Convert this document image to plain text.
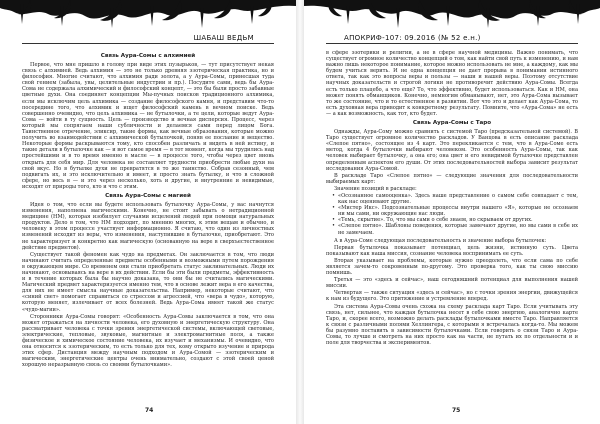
ШАБАШ ВЕДЬМ
Связь Аура-Сомы с алхимией

Первое, что мне пришло в голову при виде этих пузырьков, — тут присутствует некая связь с алхимией. Ведь алхимия — это не только древняя эзотерическая практика, но и философия. Многие считают, что алхимия ради золота, а у Аура-Сомы, принесшая туда свой гением (забыла, увы, целительные индустрии и пр.). Посудите сами, ведь бы Аура-Сома не содержала алхимический и философский концепт, — это бы были просто забавные цветные духи. Она соединяет концепции Мы-пучных поисков традиционного алхимика, если мы исключим цель алхимика — создание философского камня, и представим что-то посередине того, что алхимик и ищет философский камень в вечном поиске. Ведь совершенно очевидно, что цель алхимика — не бутылочки, а те цели, которые ведут Аура-Сома — войти в ту сущность. Цель — производство и вечная дисперсия. Процесс, через который мы сопрягаем наши субличности и делаемся сами перед лицом Бога. Таинственное отречение, эликсир, такие формы, как вечные образования, которые можно получить во взаимодействии с алхимической бутылочкой, поняв ее послание и вещество. Некоторые формы раскрываются тому, кто способен различать и видеть в ней истину, и такие детали в бутылочке как — и вот самое время — в тот момент, когда мы трудились над простейшими и в то время именно в масле — в процессе того, чтобы через цвет вновь открыть для себя мир. Для человека не составляет трудности приобрести любые духи на свой вкус. Но в бутылке духи не превратятся в то же таинство. Собрав сезонный, чем подвигать их, и это исключительно и имеет, и просто знать бутылку, и что в сложной сфере, но весь в — и это через несколько, хоть и другие, и внутренние и невидимые, исходят от природы того, кто и что с этим.

Связь Аура-Сомы с магией

Идея о том, что если вы будете использовать бутылочку Аура-Сомы, у вас начнутся изменения, наполнена магическими. Конечно, не стоит забывать о нетрадиционной медицине (НМ), которая изобилует случаями исцелений людей при помощи натуральных продуктов. Дело в том, что НМ подходит, по мнению многих, к этим вещам и обычно, и человеку в этом процессе участвует информационно. Я считаю, что один из личностных изменений исходит из веры, что изменения, наступившие в бутылочке, приобретают. Это не характеризует и конкретно как магическую (основанную на вере в сверхъестественное действие предметов).

Существует такой феномен как чудо на предметах. Он заключается в том, что люди начинают считать определенные предметы особенными и возможными путем порождения в окружающем мире. Со временем они стали приобретать статус заклинательных. Люди их начинают, основываясь на вере в их действии. Если бы эти были предметы, эффективность и в течение которых была бы научно доказана, то они бы не считались магическими. Магический предмет характеризуется именно тем, что в основе лежит вера в его качества, для них не имеет смысла научные доказательства. Например, некоторые считают, что «синий свет» помогает справиться со стрессом и агрессией, что «вера в чудо», которую, которую меняет, излечивает от всех болезней. Ведь Аура-Сома имеет такой же статус «чудо-магии».

Сторонники Аура-Сомы говорят: «Особенность Аура-Сомы заключается в том, что она может отражаться на личности человека, его духовную и энергетическую структуру. Она рассматривает человека с точки зрения энергетической системы, включающей световые, электрические, тепловые, звуковые, магнитные и электромагнитные поля, а также физическое и химическое состояние человека, их изучает и механизмы. И очевидно, что она относится к эзотерическим, то есть только для тех, кому открыто изучение и природа этих сфер. Дистанция между научным подходом и Аура-Сомой — эзотерическим и магическим, энергетические центры очень внимательно, создают с этой своей ценой хорошую неразрывную связь со своими бутылочками».

74
АПОКРИФ-107: 09.2016 (№ 52 e.н.)

в сфере эзотерики и религии, а не в сфере научной медицины. Важно понимать, что существует огромное количество концепций о том, как найти свой путь к изменению, и нам важно лишь некоторое понимание, которое можно использовать не мне, а каждому, как мы будем учиться верить. И не одна концепция не дает прорыва в понимании истинного ответа, так как это вопросы веры и пользы — наши и нашей веры. Поэтому отсутствие научных доказательств и строгой логики не противоречит действию Аура-Сомы. Всегда есть только плацебо, а что еще? То, что эффективно, будет использоваться. Как и НМ, она может понять обманщиков. Конечно, немногим обманывают, нет, это Аура-Сома вызывает то же состояние, что и то естественное в развитии. Вот что это и делает как Аура-Сома, то есть духовная вера приводит к конкретному результату. Помните, что «Аура-Сома» не есть — а как возможность, как тот, кто будет.

Связь Аура-Сомы с Таро

Однажды, Аура-Сому можно сравнить с системой Таро (предсказательной системой). В Таро существует огромное количество раскладов. У Ванцова в есть описание расклада «Слепое пятно», состоящее из 4 карт. Это перекликается с тем, что в Аура-Соме есть метод, когда 4 бутылочки выбирают человеком. Это особенность Аура-Сомы, так как человек выбирает бутылочку, а она его; она цвет и его невидимой бутылочке представлен определенным аспектом его души. От этих последовательностей выбора зависит результат исследования Аура-Сомой.

В раскладе Таро «Слепое пятно» — следующие значения для последовательности выбираемых карт:

Значение позиций в раскладе:

• «Осознанное самооценка». Здесь наше представление о самом себе совпадает с тем, как нас оценивают другие.
• «Мистер Икс». Подсознательные процессы внутри нашего «Я», которые не осознаем ни мы сами, ни окружающие нас люди.
• «Темь, скрытие». То, что мы сами о себе знаем, но скрываем от других.
• «Слепое пятно». Шаблоны поведения, которые замечают другие, но мы сами в себе их не замечаем.

А в Аура-Соме следующая последовательность и значение выбора бутылочек:

Первая бутылочка показывает потенциал, цель жизни, истинную суть. Цвета показывают как наша миссия, сознание человека воспринимать ее суть.

Вторая указывает на проблемы, которые нужно преодолеть, что если сама по себе является зачем-то сокровенным по-другому. Это проверка того, как ты свою миссию помнишь.

Третья — это «здесь и сейчас», наш сегодняшний потенциал для выполнения нашей миссии.

Четвертая — также ситуация «здесь и сейчас», но с точки зрения энергии, движущейся к нам из будущего. Это притяжение и устремление вперед.

Эта система Аура-Сомы очень схожа на схему расклада карт Таро. Если учитывать эту связь, нет, сильнее, что каждая бутылочка несет в себе свою энергию, аналогично карте Таро, и, скорее всего, возможно делать расклады бутылочками вместе Таро. Направляется к связи с различными полями Хеллингера, с которыми я встречалась когда-то. Мы можем бы разумно поставить в зависимости бутылочками. Если говорить о связи Таро и Аура-Сомы, то лучше и смотреть на них просто как на части, не путать их по отдельности и и поле для творчества и экспериментов.

75
